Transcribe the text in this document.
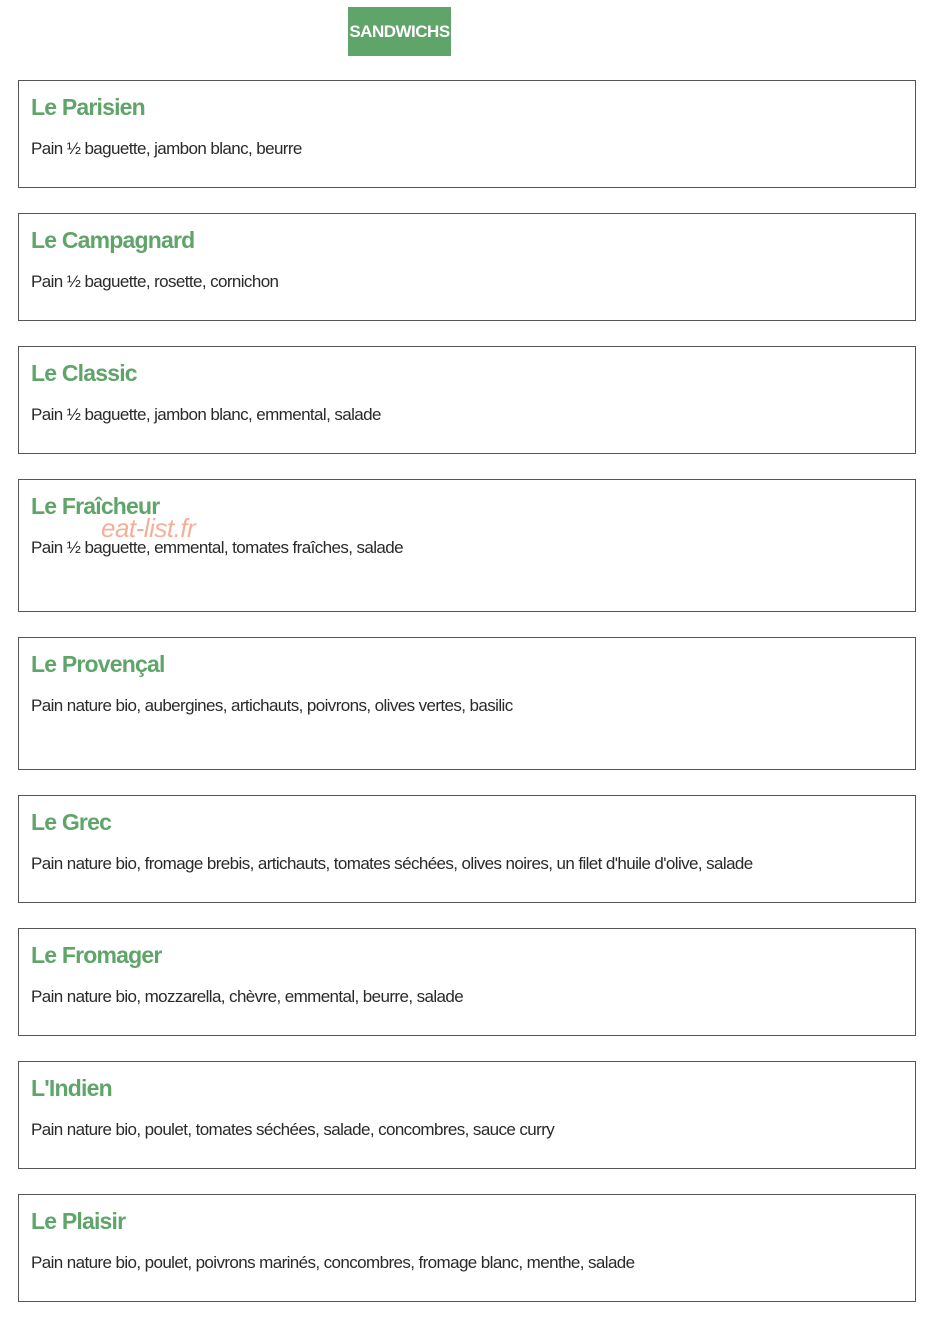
SANDWICHS
Le Parisien
Pain ½ baguette, jambon blanc, beurre
Le Campagnard
Pain ½ baguette, rosette, cornichon
Le Classic
Pain ½ baguette, jambon blanc, emmental, salade
Le Fraîcheur
Pain ½ baguette, emmental, tomates fraîches, salade
Le Provençal
Pain nature bio, aubergines, artichauts, poivrons, olives vertes, basilic
Le Grec
Pain nature bio, fromage brebis, artichauts, tomates séchées, olives noires, un filet d'huile d'olive, salade
Le Fromager
Pain nature bio, mozzarella, chèvre, emmental, beurre, salade
L'Indien
Pain nature bio, poulet, tomates séchées, salade, concombres, sauce curry
Le Plaisir
Pain nature bio, poulet, poivrons marinés, concombres, fromage blanc, menthe, salade
eat-list.fr
